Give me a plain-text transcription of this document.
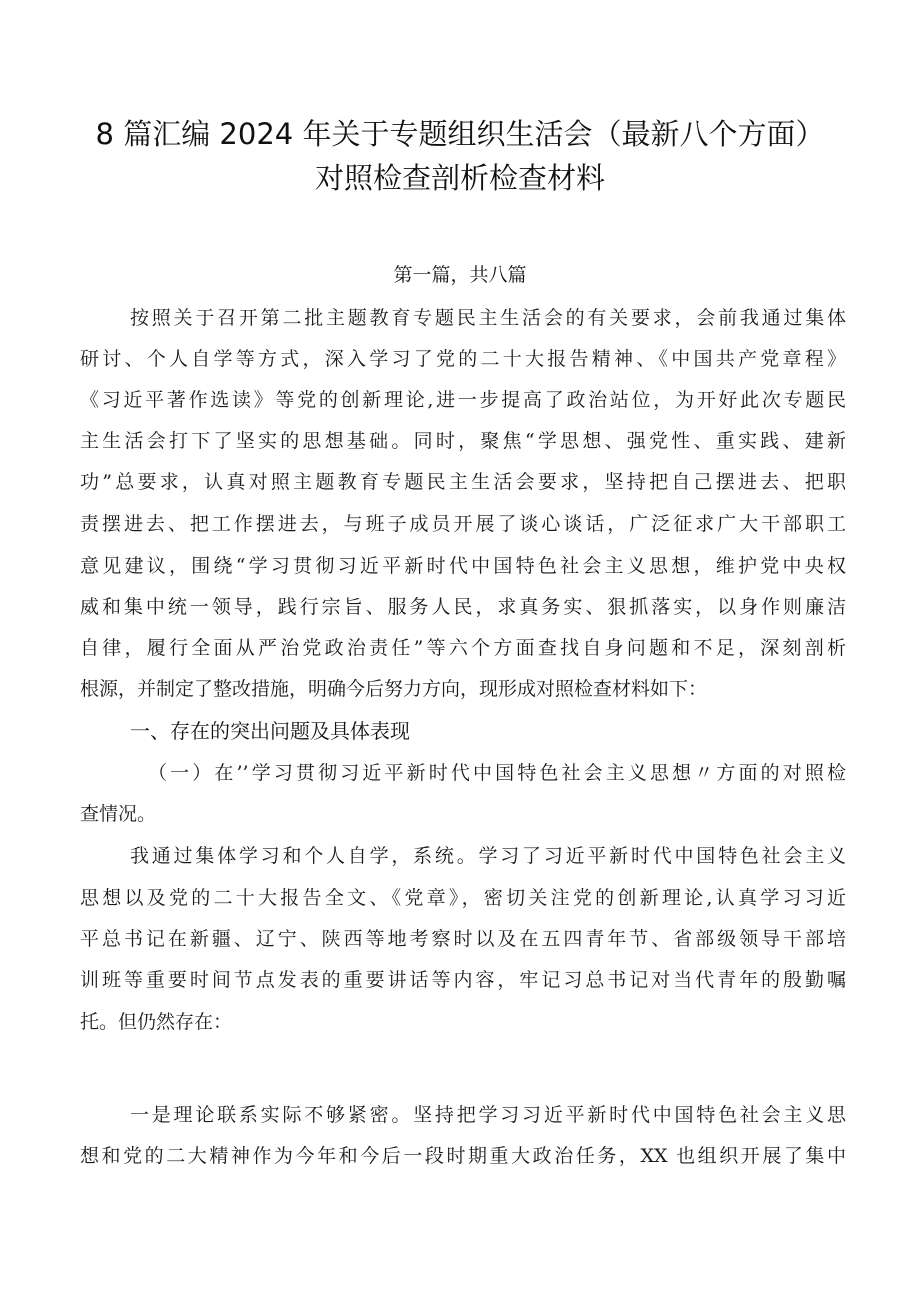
8 篇汇编 2024 年关于专题组织生活会（最新八个方面）
对照检查剖析检查材料
第一篇，共八篇
按照关于召开第二批主题教育专题民主生活会的有关要求，会前我通过集体
研讨、个人自学等方式，深入学习了党的二十大报告精神、《中国共产党章程》
《习近平著作选读》等党的创新理论,进一步提高了政治站位，为开好此次专题民
主生活会打下了坚实的思想基础。同时，聚焦“学思想、强党性、重实践、建新
功”总要求，认真对照主题教育专题民主生活会要求，坚持把自己摆进去、把职
责摆进去、把工作摆进去，与班子成员开展了谈心谈话，广泛征求广大干部职工
意见建议，围绕“学习贯彻习近平新时代中国特色社会主义思想，维护党中央权
威和集中统一领导，践行宗旨、服务人民，求真务实、狠抓落实，以身作则廉洁
自律，履行全面从严治党政治责任”等六个方面查找自身问题和不足，深刻剖析
根源，并制定了整改措施，明确今后努力方向，现形成对照检查材料如下：
一、存在的突出问题及具体表现
（一）在’’学习贯彻习近平新时代中国特色社会主义思想〃方面的对照检
查情况。
我通过集体学习和个人自学，系统。学习了习近平新时代中国特色社会主义
思想以及党的二十大报告全文、《党章》，密切关注党的创新理论,认真学习习近
平总书记在新疆、辽宁、陕西等地考察时以及在五四青年节、省部级领导干部培
训班等重要时间节点发表的重要讲话等内容，牢记习总书记对当代青年的殷勤嘱
托。但仍然存在：
一是理论联系实际不够紧密。坚持把学习习近平新时代中国特色社会主义思
想和党的二大精神作为今年和今后一段时期重大政治任务，XX 也组织开展了集中
